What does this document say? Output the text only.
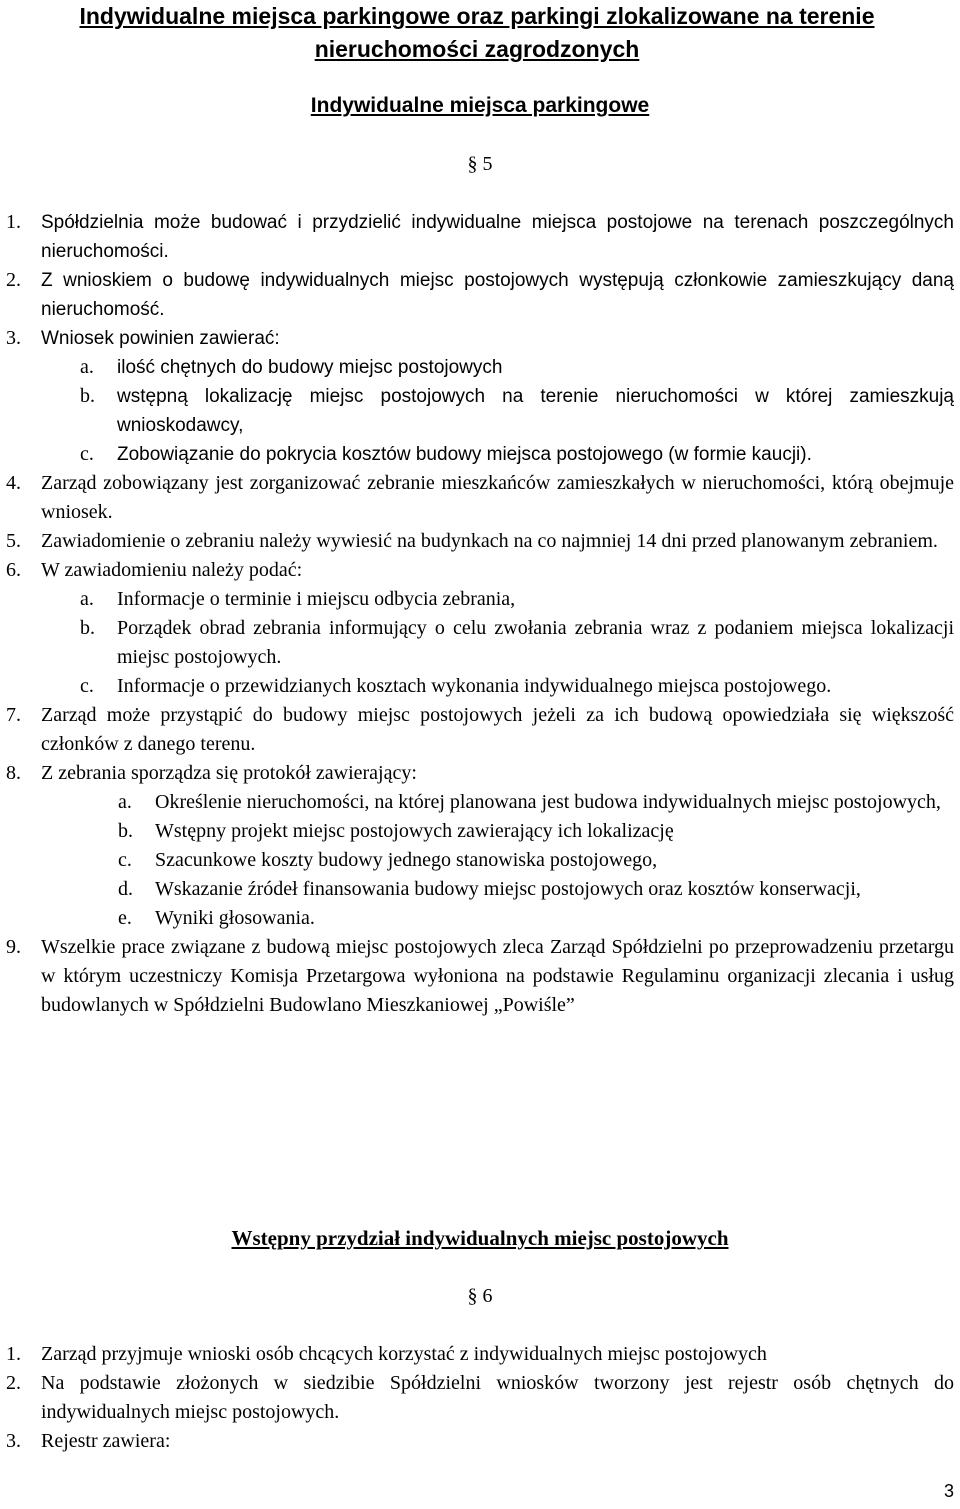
Indywidualne miejsca parkingowe oraz parkingi zlokalizowane na terenie nieruchomości zagrodzonych
Indywidualne miejsca parkingowe
§ 5
1. Spółdzielnia może budować i przydzielić indywidualne miejsca postojowe na terenach poszczególnych nieruchomości.
2. Z wnioskiem o budowę indywidualnych miejsc postojowych występują członkowie zamieszkujący daną nieruchomość.
3. Wniosek powinien zawierać:
a. ilość chętnych do budowy miejsc postojowych
b. wstępną lokalizację miejsc postojowych na terenie nieruchomości w której zamieszkują wnioskodawcy,
c. Zobowiązanie do pokrycia kosztów budowy miejsca postojowego (w formie kaucji).
4. Zarząd zobowiązany jest zorganizować zebranie mieszkańców zamieszkałych w nieruchomości, którą obejmuje wniosek.
5. Zawiadomienie o zebraniu należy wywiesić na budynkach na co najmniej 14 dni przed planowanym zebraniem.
6. W zawiadomieniu należy podać:
a. Informacje o terminie i miejscu odbycia zebrania,
b. Porządek obrad zebrania informujący o celu zwołania zebrania wraz z podaniem miejsca lokalizacji miejsc postojowych.
c. Informacje o przewidzianych kosztach wykonania indywidualnego miejsca postojowego.
7. Zarząd może przystąpić do budowy miejsc postojowych jeżeli za ich budową opowiedziała się większość członków z danego terenu.
8. Z zebrania sporządza się protokół zawierający:
a. Określenie nieruchomości, na której planowana jest budowa indywidualnych miejsc postojowych,
b. Wstępny projekt miejsc postojowych zawierający ich lokalizację
c. Szacunkowe koszty budowy jednego stanowiska postojowego,
d. Wskazanie źródeł finansowania budowy miejsc postojowych oraz kosztów konserwacji,
e. Wyniki głosowania.
9. Wszelkie prace związane z budową miejsc postojowych zleca Zarząd Spółdzielni po przeprowadzeniu przetargu w którym uczestniczy Komisja Przetargowa wyłoniona na podstawie Regulaminu organizacji zlecania i usług budowlanych w Spółdzielni Budowlano Mieszkaniowej „Powiśle”
Wstępny przydział indywidualnych miejsc postojowych
§ 6
1. Zarząd przyjmuje wnioski osób chcących korzystać z indywidualnych miejsc postojowych
2. Na podstawie złożonych w siedzibie Spółdzielni wniosków tworzony jest rejestr osób chętnych do indywidualnych miejsc postojowych.
3. Rejestr zawiera:
3
